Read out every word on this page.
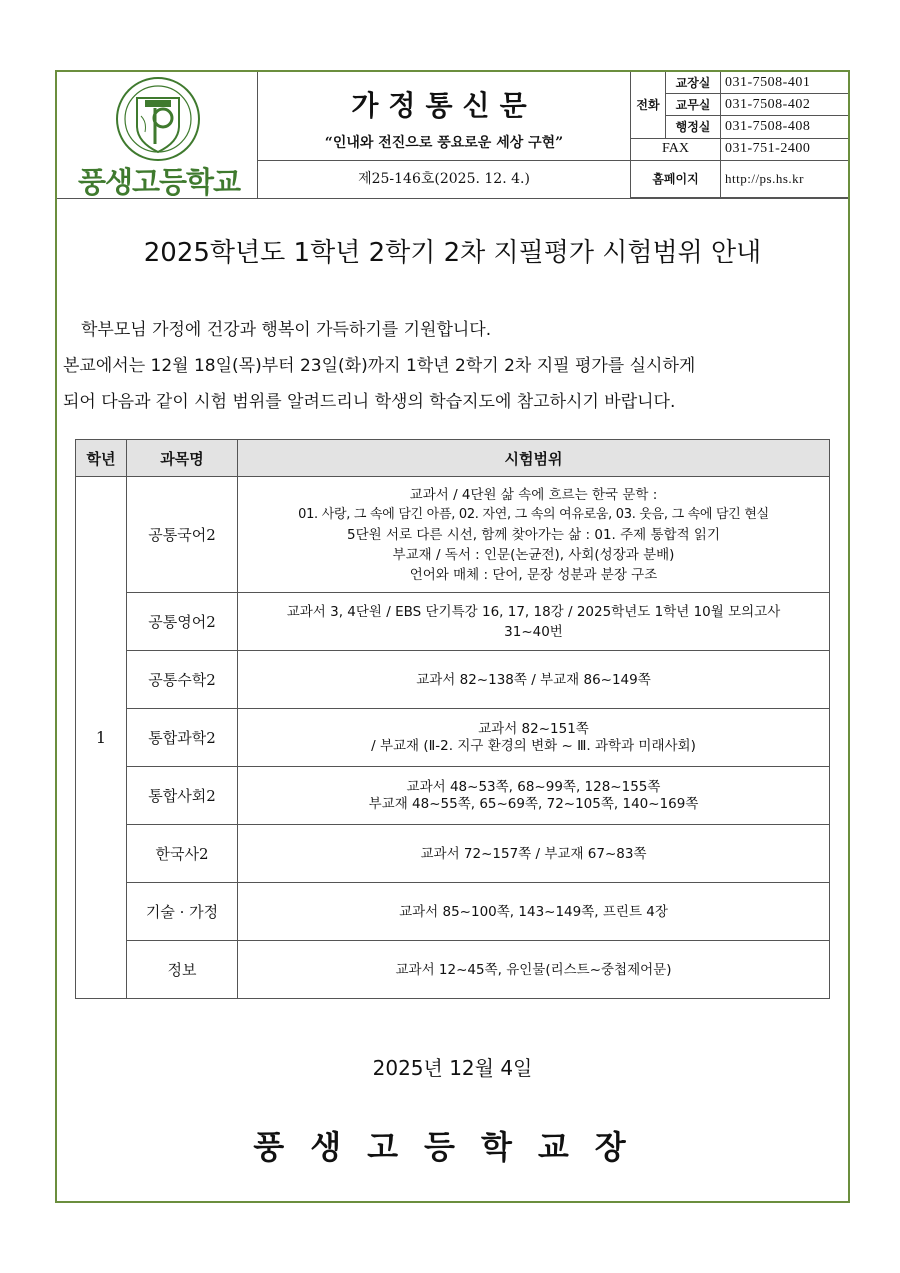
풍생고등학교
가정통신문
“인내와 전진으로 풍요로운 세상 구현”
제25-146호(2025. 12. 4.)
전화	교장실	031-7508-401
	교무실	031-7508-402
	행정실	031-7508-408
FAX		031-751-2400
홈페이지		http://ps.hs.kr
2025학년도 1학년 2학기 2차 지필평가 시험범위 안내

학부모님 가정에 건강과 행복이 가득하기를 기원합니다.

본교에서는 12월 18일(목)부터 23일(화)까지 1학년 2학기 2차 지필 평가를 실시하게

되어 다음과 같이 시험 범위를 알려드리니 학생의 학습지도에 참고하시기 바랍니다.

학년	과목명	시험범위
1	공통국어2	교과서 / 4단원 삶 속에 흐르는 한국 문학 :
01. 사랑, 그 속에 담긴 아픔, 02. 자연, 그 속의 여유로움, 03. 웃음, 그 속에 담긴 현실
5단원 서로 다른 시선, 함께 찾아가는 삶 : 01. 주제 통합적 읽기
부교재 / 독서 : 인문(논균전), 사회(성장과 분배)
언어와 매체 : 단어, 문장 성분과 분장 구조

	공통영어2	교과서 3, 4단원 / EBS 단기특강 16, 17, 18강 / 2025학년도 1학년 10월 모의고사
31~40번

	공통수학2	교과서 82~138쪽 / 부교재 86~149쪽

	통합과학2	교과서 82~151쪽
/ 부교재 (Ⅱ-2. 지구 환경의 변화 ~ Ⅲ. 과학과 미래사회)

	통합사회2	교과서 48~53쪽, 68~99쪽, 128~155쪽
부교재 48~55쪽, 65~69쪽, 72~105쪽, 140~169쪽

	한국사2	교과서 72~157쪽 / 부교재 67~83쪽

	기술 · 가정	교과서 85~100쪽, 143~149쪽, 프린트 4장

	정보	교과서 12~45쪽, 유인물(리스트~중첩제어문)
2025년 12월 4일
풍생고등학교장
